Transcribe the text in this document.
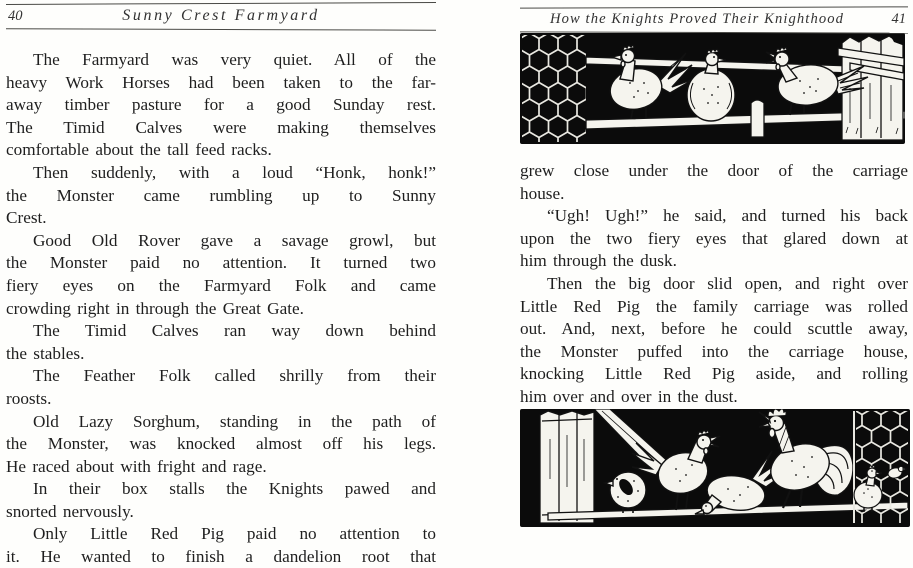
40	Sunny Crest Farmyard
The Farmyard was very quiet. All of the
heavy Work Horses had been taken to the far-
away timber pasture for a good Sunday rest.
The Timid Calves were making themselves
comfortable about the tall feed racks.
Then suddenly, with a loud “Honk, honk!”
the Monster came rumbling up to Sunny
Crest.
Good Old Rover gave a savage growl, but
the Monster paid no attention. It turned two
fiery eyes on the Farmyard Folk and came
crowding right in through the Great Gate.
The Timid Calves ran way down behind
the stables.
The Feather Folk called shrilly from their
roosts.
Old Lazy Sorghum, standing in the path of
the Monster, was knocked almost off his legs.
He raced about with fright and rage.
In their box stalls the Knights pawed and
snorted nervously.
Only Little Red Pig paid no attention to
it. He wanted to finish a dandelion root that
How the Knights Proved Their Knighthood	41
grew close under the door of the carriage
house.
“Ugh! Ugh!” he said, and turned his back
upon the two fiery eyes that glared down at
him through the dusk.
Then the big door slid open, and right over
Little Red Pig the family carriage was rolled
out. And, next, before he could scuttle away,
the Monster puffed into the carriage house,
knocking Little Red Pig aside, and rolling
him over and over in the dust.
